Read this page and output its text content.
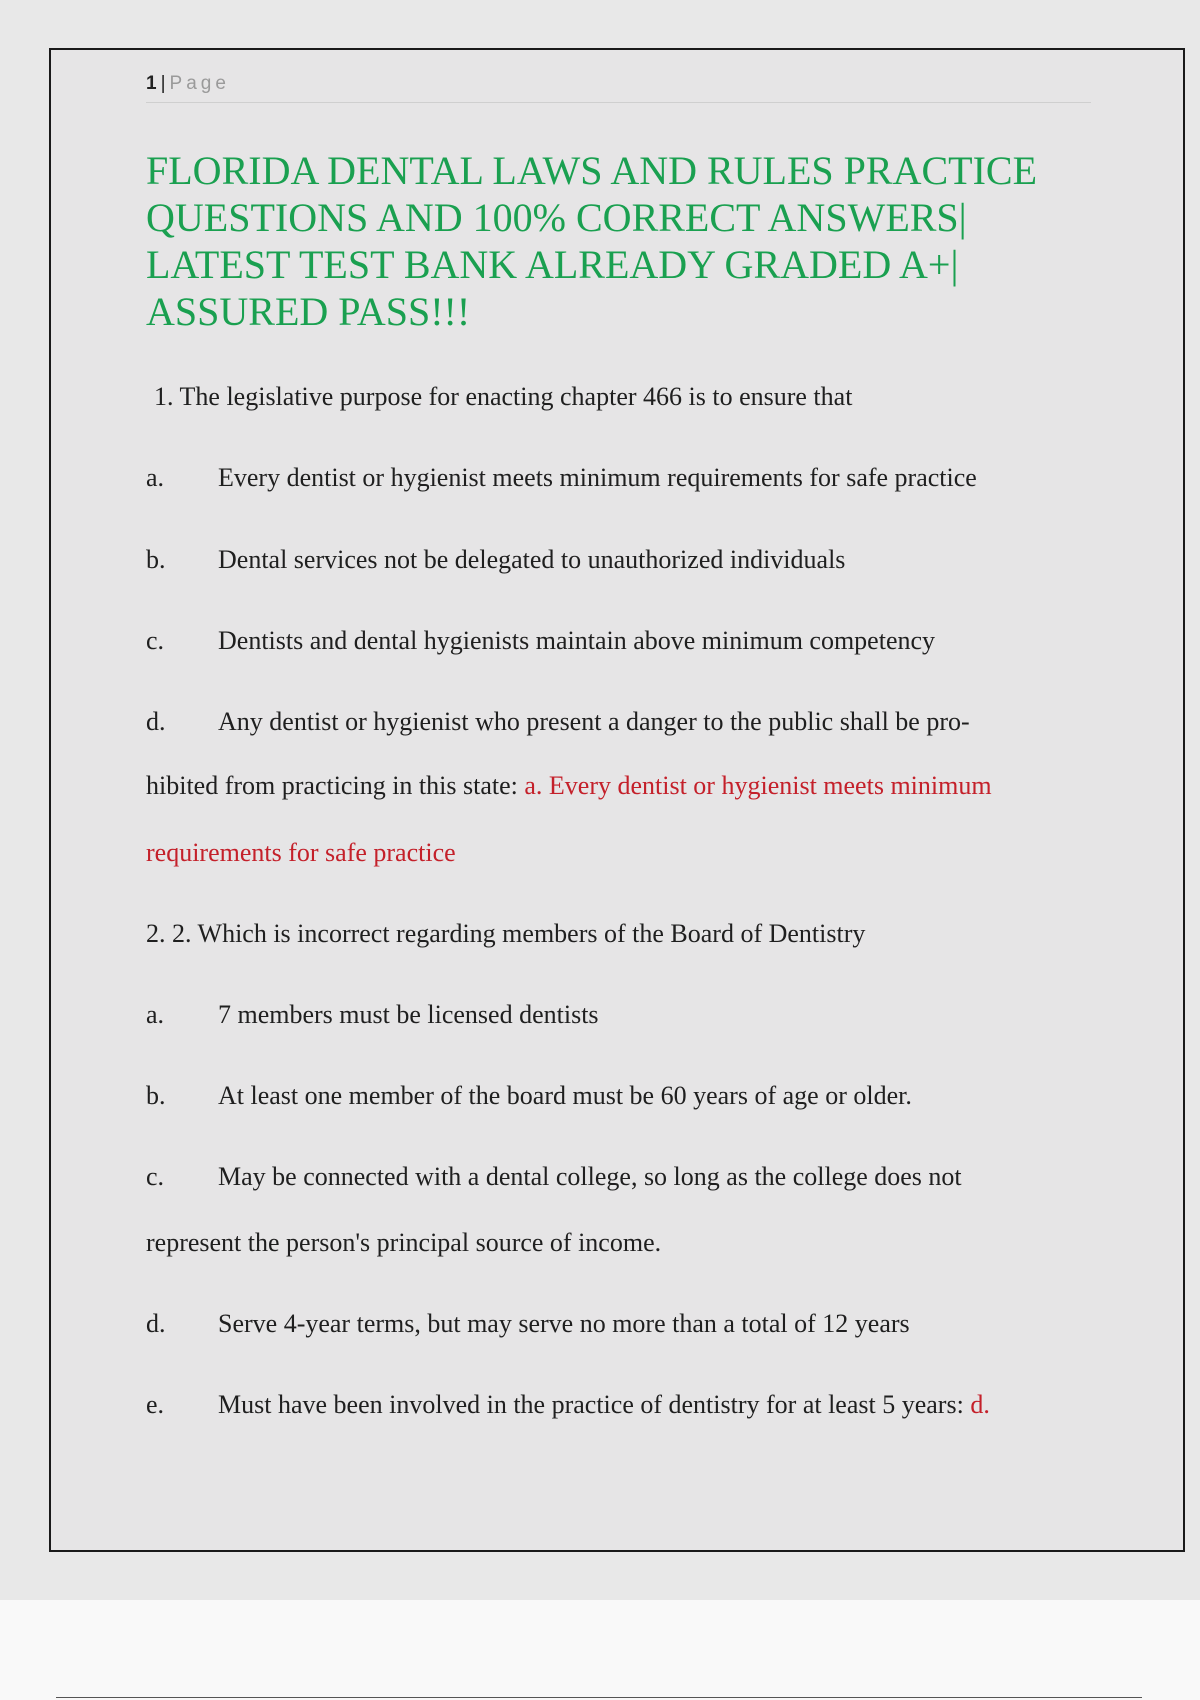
1 | Page
FLORIDA DENTAL LAWS AND RULES PRACTICE QUESTIONS AND 100% CORRECT ANSWERS| LATEST TEST BANK ALREADY GRADED A+| ASSURED PASS!!!
1. The legislative purpose for enacting chapter 466 is to ensure that
a. Every dentist or hygienist meets minimum requirements for safe practice
b. Dental services not be delegated to unauthorized individuals
c. Dentists and dental hygienists maintain above minimum competency
d. Any dentist or hygienist who present a danger to the public shall be pro-
hibited from practicing in this state: a. Every dentist or hygienist meets minimum
requirements for safe practice
2. 2. Which is incorrect regarding members of the Board of Dentistry
a. 7 members must be licensed dentists
b. At least one member of the board must be 60 years of age or older.
c. May be connected with a dental college, so long as the college does not
represent the person's principal source of income.
d. Serve 4-year terms, but may serve no more than a total of 12 years
e. Must have been involved in the practice of dentistry for at least 5 years: d.
